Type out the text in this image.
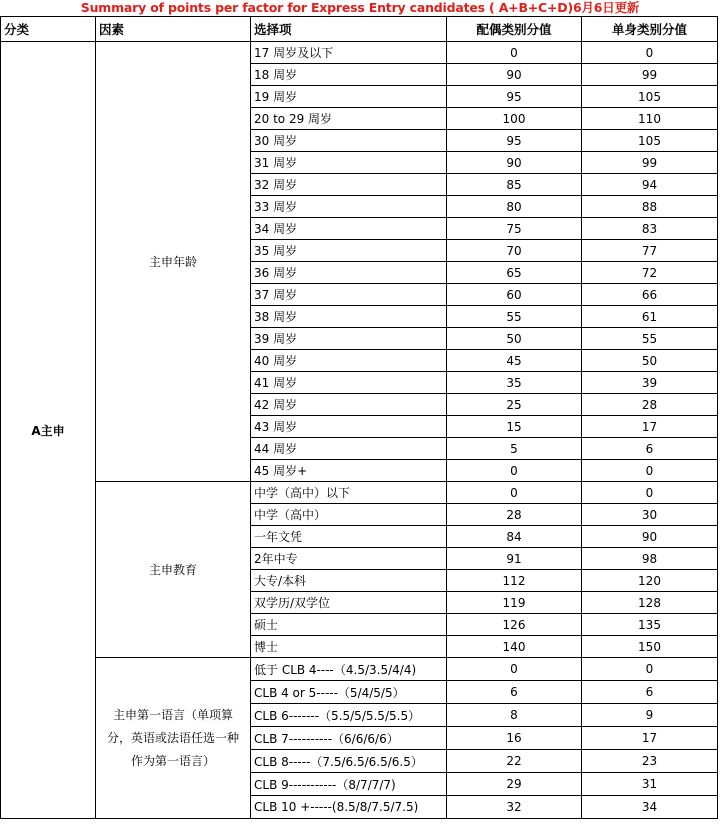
Summary of points per factor for Express Entry candidates ( A+B+C+D)6月6日更新
分类	因素	选择项	配偶类别分值	单身类别分值
A主申	主申年龄	17 周岁及以下	0	0
		18 周岁	90	99
		19 周岁	95	105
		20 to 29 周岁	100	110
		30 周岁	95	105
		31 周岁	90	99
		32 周岁	85	94
		33 周岁	80	88
		34 周岁	75	83
		35 周岁	70	77
		36 周岁	65	72
		37 周岁	60	66
		38 周岁	55	61
		39 周岁	50	55
		40 周岁	45	50
		41 周岁	35	39
		42 周岁	25	28
		43 周岁	15	17
		44 周岁	5	6
		45 周岁+	0	0
	主申教育	中学（高中）以下	0	0
		中学（高中）	28	30
		一年文凭	84	90
		2年中专	91	98
		大专/本科	112	120
		双学历/双学位	119	128
		硕士	126	135
		博士	140	150
	主申第一语言（单项算分，英语或法语任选一种作为第一语言）	低于 CLB 4----（4.5/3.5/4/4)	0	0
		CLB 4 or 5-----（5/4/5/5）	6	6
		CLB 6-------（5.5/5/5.5/5.5）	8	9
		CLB 7----------（6/6/6/6）	16	17
		CLB 8-----（7.5/6.5/6.5/6.5）	22	23
		CLB 9-----------（8/7/7/7)	29	31
		CLB 10 +-----(8.5/8/7.5/7.5)	32	34
